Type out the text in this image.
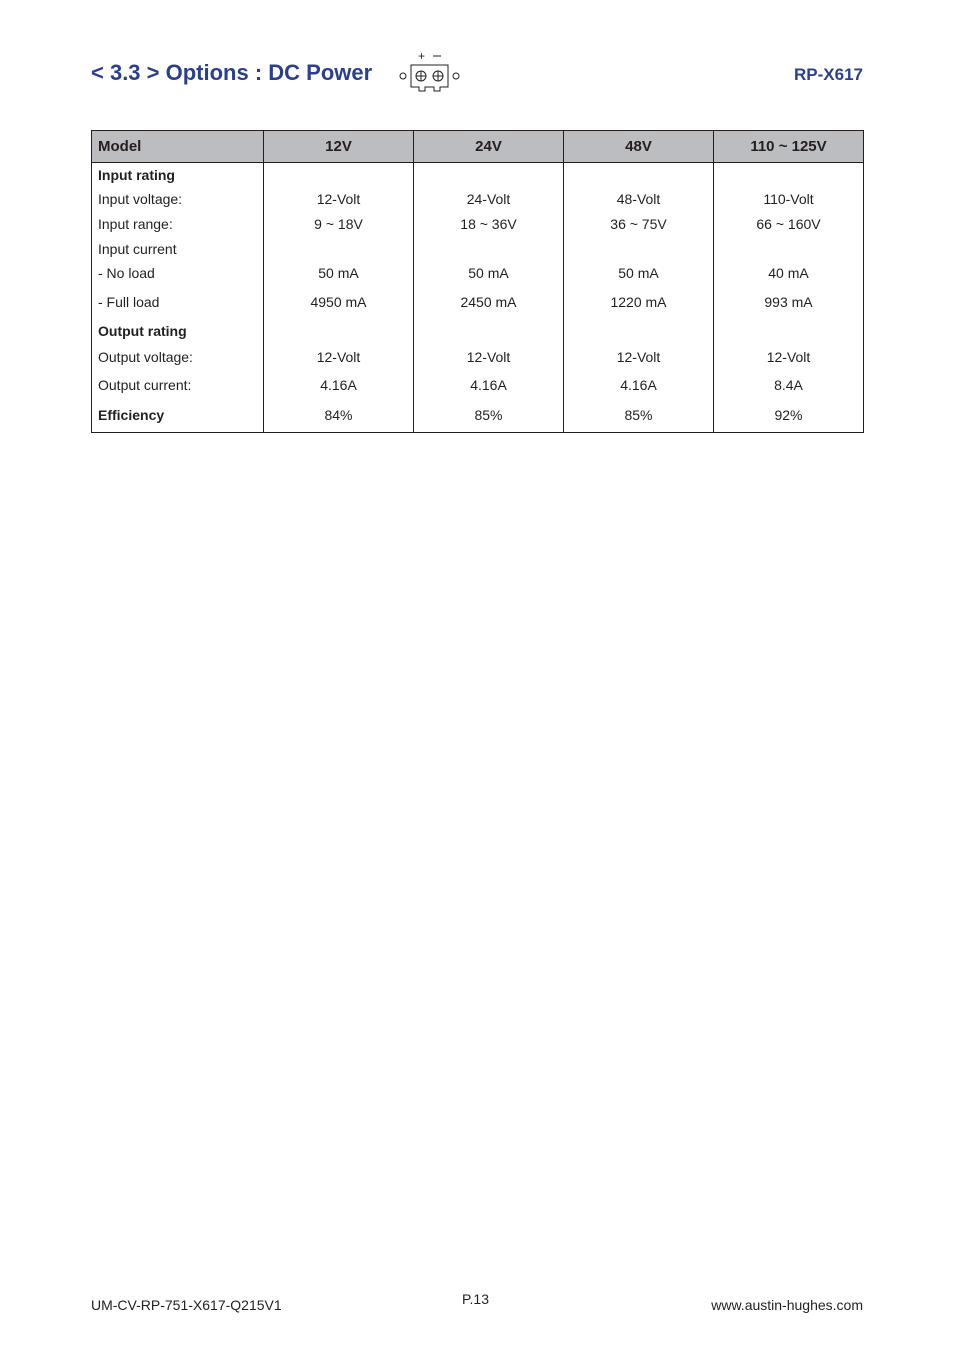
< 3.3 > Options : DC Power
+
RP-X617
Model	12V	24V	48V	110 ~ 125V
Input rating				
Input voltage:	12-Volt	24-Volt	48-Volt	110-Volt
Input range:	9 ~ 18V	18 ~ 36V	36 ~ 75V	66 ~ 160V
Input current				
- No load	50 mA	50 mA	50 mA	40 mA
- Full load	4950 mA	2450 mA	1220 mA	993 mA
Output rating				
Output voltage:	12-Volt	12-Volt	12-Volt	12-Volt
Output current:	4.16A	4.16A	4.16A	8.4A
Efficiency	84%	85%	85%	92%
UM-CV-RP-751-X617-Q215V1	P.13	www.austin-hughes.com
